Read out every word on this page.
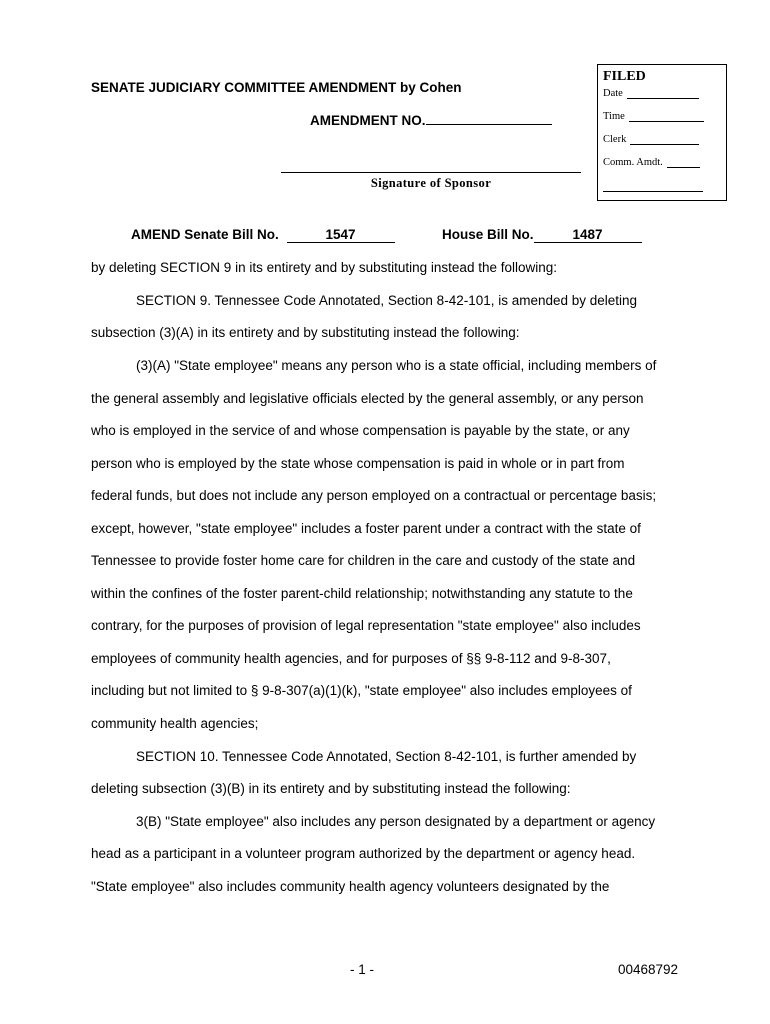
SENATE JUDICIARY COMMITTEE AMENDMENT by Cohen
AMENDMENT NO.
Signature of Sponsor
FILED
Date
Time
Clerk
Comm. Amdt.
AMEND Senate Bill No.	1547	House Bill No.	1487
by deleting SECTION 9 in its entirety and by substituting instead the following:
SECTION 9. Tennessee Code Annotated, Section 8-42-101, is amended by deleting
subsection (3)(A) in its entirety and by substituting instead the following:
(3)(A) "State employee" means any person who is a state official, including members of
the general assembly and legislative officials elected by the general assembly, or any person
who is employed in the service of and whose compensation is payable by the state, or any
person who is employed by the state whose compensation is paid in whole or in part from
federal funds, but does not include any person employed on a contractual or percentage basis;
except, however, "state employee" includes a foster parent under a contract with the state of
Tennessee to provide foster home care for children in the care and custody of the state and
within the confines of the foster parent-child relationship; notwithstanding any statute to the
contrary, for the purposes of provision of legal representation "state employee" also includes
employees of community health agencies, and for purposes of §§ 9-8-112 and 9-8-307,
including but not limited to § 9-8-307(a)(1)(k), "state employee" also includes employees of
community health agencies;
SECTION 10. Tennessee Code Annotated, Section 8-42-101, is further amended by
deleting subsection (3)(B) in its entirety and by substituting instead the following:
3(B) "State employee" also includes any person designated by a department or agency
head as a participant in a volunteer program authorized by the department or agency head.
"State employee" also includes community health agency volunteers designated by the
- 1 -	00468792
